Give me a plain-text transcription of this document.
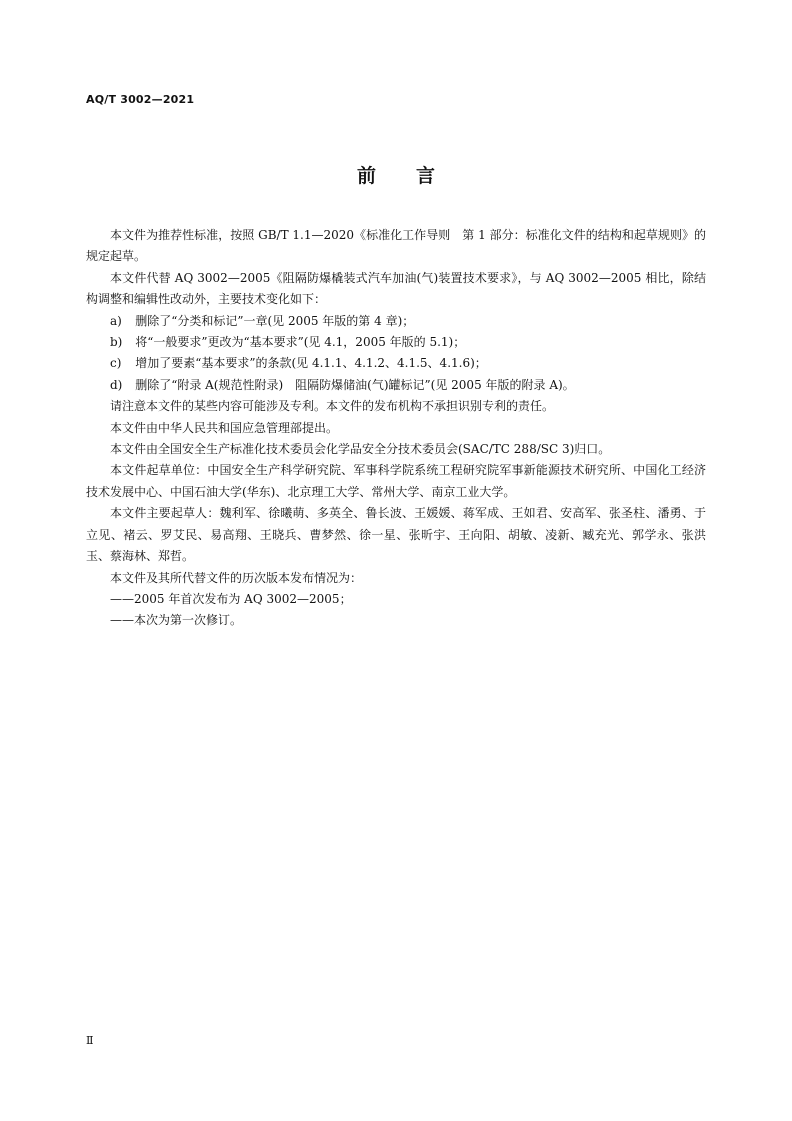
AQ/T 3002—2021
前 言

本文件为推荐性标准，按照 GB/T 1.1—2020《标准化工作导则　第 1 部分：标准化文件的结构和起草规则》的规定起草。

本文件代替 AQ 3002—2005《阻隔防爆橇装式汽车加油(气)装置技术要求》，与 AQ 3002—2005 相比，除结构调整和编辑性改动外，主要技术变化如下：

a) 删除了“分类和标记”一章(见 2005 年版的第 4 章)；

b) 将“一般要求”更改为“基本要求”(见 4.1，2005 年版的 5.1)；

c) 增加了要素“基本要求”的条款(见 4.1.1、4.1.2、4.1.5、4.1.6)；

d) 删除了“附录 A(规范性附录)　阻隔防爆储油(气)罐标记”(见 2005 年版的附录 A)。

请注意本文件的某些内容可能涉及专利。本文件的发布机构不承担识别专利的责任。

本文件由中华人民共和国应急管理部提出。

本文件由全国安全生产标准化技术委员会化学品安全分技术委员会(SAC/TC 288/SC 3)归口。

本文件起草单位：中国安全生产科学研究院、军事科学院系统工程研究院军事新能源技术研究所、中国化工经济技术发展中心、中国石油大学(华东)、北京理工大学、常州大学、南京工业大学。

本文件主要起草人：魏利军、徐曦萌、多英全、鲁长波、王媛媛、蒋军成、王如君、安高军、张圣柱、潘勇、于立见、褚云、罗艾民、易高翔、王晓兵、曹梦然、徐一星、张昕宇、王向阳、胡敏、凌新、臧充光、郭学永、张洪玉、蔡海林、郑哲。

本文件及其所代替文件的历次版本发布情况为：

——2005 年首次发布为 AQ 3002—2005；

——本次为第一次修订。

Ⅱ
